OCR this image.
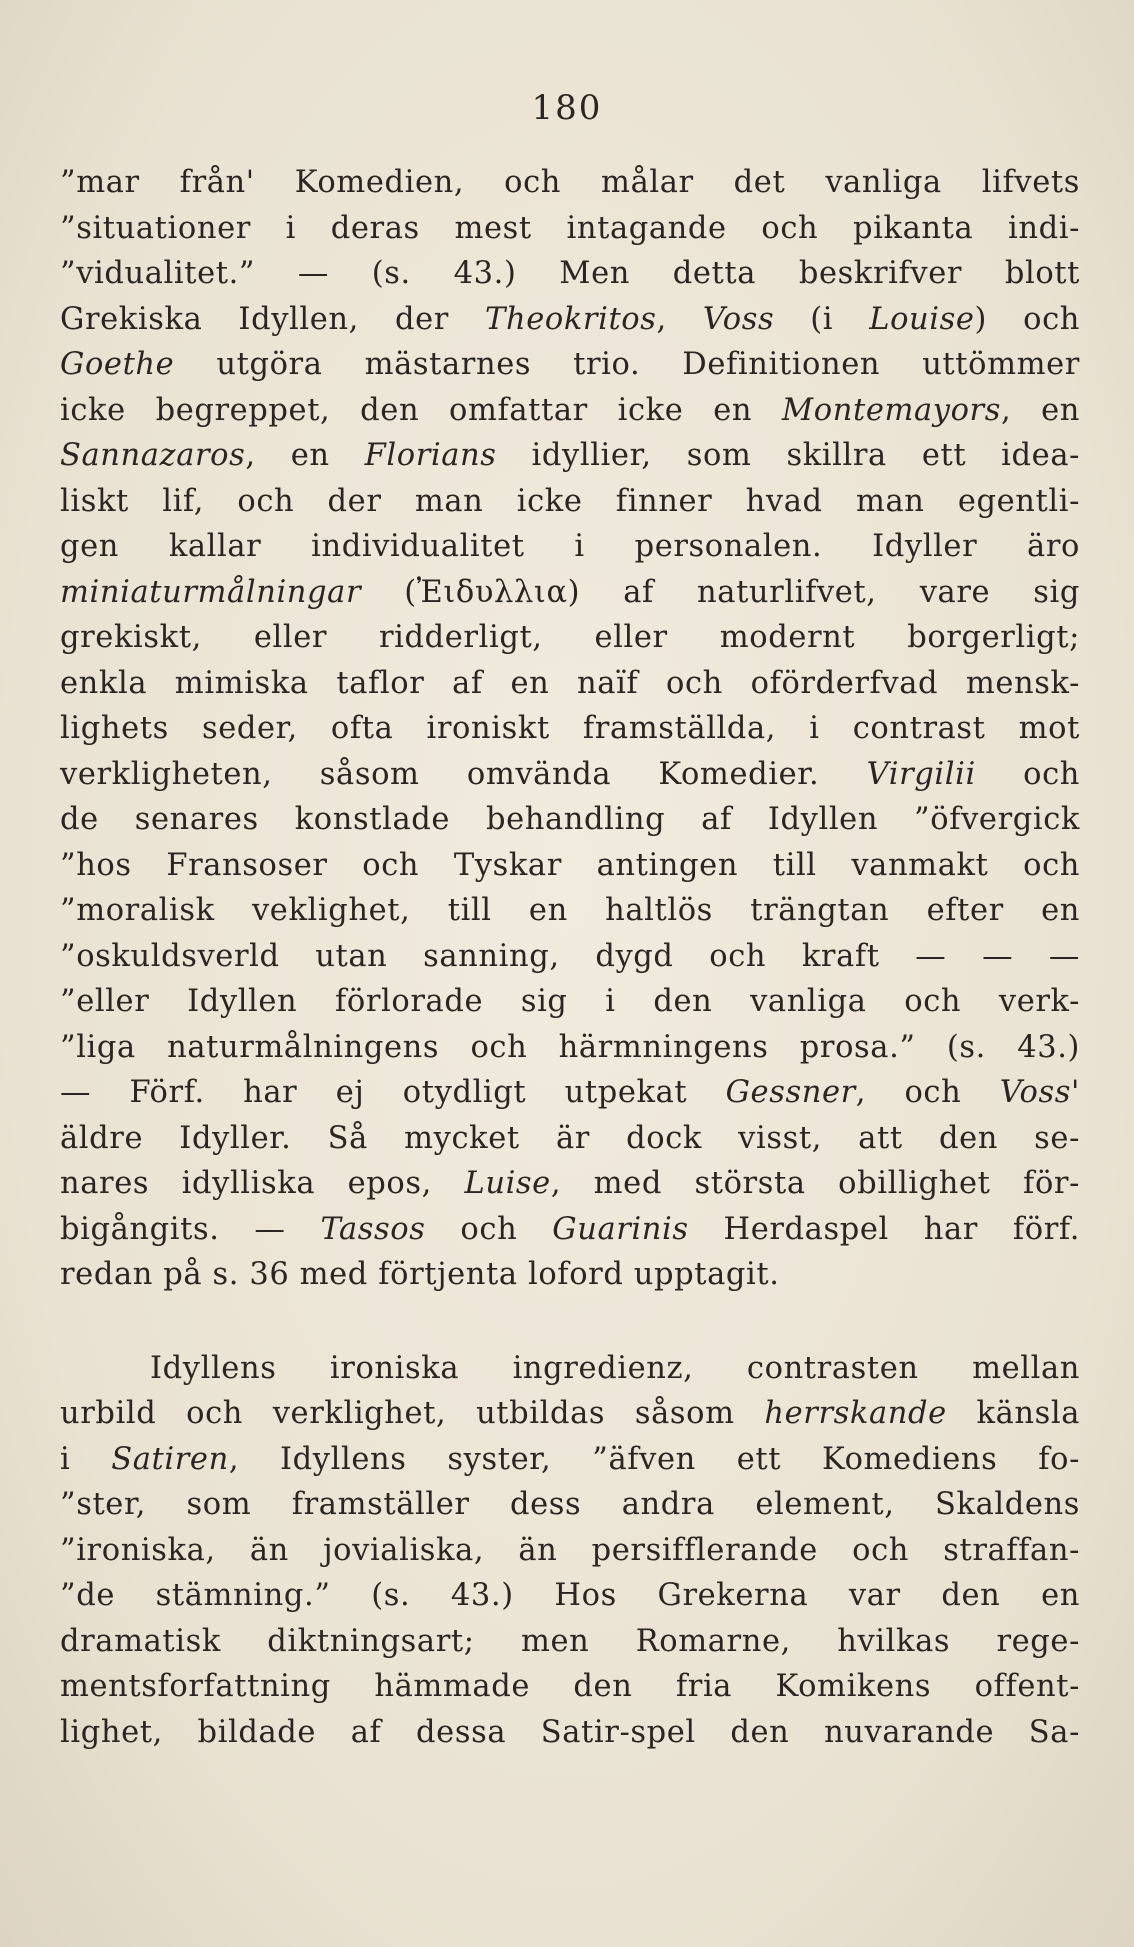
180

”mar från' Komedien, och målar det vanliga lifvets

”situationer i deras mest intagande och pikanta indi-

”vidualitet.” — (s. 43.) Men detta beskrifver blott

Grekiska Idyllen, der Theokritos, Voss (i Louise) och

Goethe utgöra mästarnes trio. Definitionen uttömmer

icke begreppet, den omfattar icke en Montemayors, en

Sannazaros, en Florians idyllier, som skillra ett idea-

liskt lif, och der man icke finner hvad man egentli-

gen kallar individualitet i personalen. Idyller äro

miniaturmålningar (Ἐιδυλλια) af naturlifvet, vare sig

grekiskt, eller ridderligt, eller modernt borgerligt;

enkla mimiska taflor af en naïf och oförderfvad mensk-

lighets seder, ofta ironiskt framställda, i contrast mot

verkligheten, såsom omvända Komedier. Virgilii och

de senares konstlade behandling af Idyllen ”öfvergick

”hos Fransoser och Tyskar antingen till vanmakt och

”moralisk veklighet, till en haltlös trängtan efter en

”oskuldsverld utan sanning, dygd och kraft — — —

”eller Idyllen förlorade sig i den vanliga och verk-

”liga naturmålningens och härmningens prosa.” (s. 43.)

— Förf. har ej otydligt utpekat Gessner, och Voss'

äldre Idyller. Så mycket är dock visst, att den se-

nares idylliska epos, Luise, med största obillighet för-

bigångits. — Tassos och Guarinis Herdaspel har förf.

redan på s. 36 med förtjenta loford upptagit.

Idyllens ironiska ingredienz, contrasten mellan

urbild och verklighet, utbildas såsom herrskande känsla

i Satiren, Idyllens syster, ”äfven ett Komediens fo-

”ster, som framställer dess andra element, Skaldens

”ironiska, än jovialiska, än persifflerande och straffan-

”de stämning.” (s. 43.) Hos Grekerna var den en

dramatisk diktningsart; men Romarne, hvilkas rege-

mentsforfattning hämmade den fria Komikens offent-

lighet, bildade af dessa Satir-spel den nuvarande Sa-
